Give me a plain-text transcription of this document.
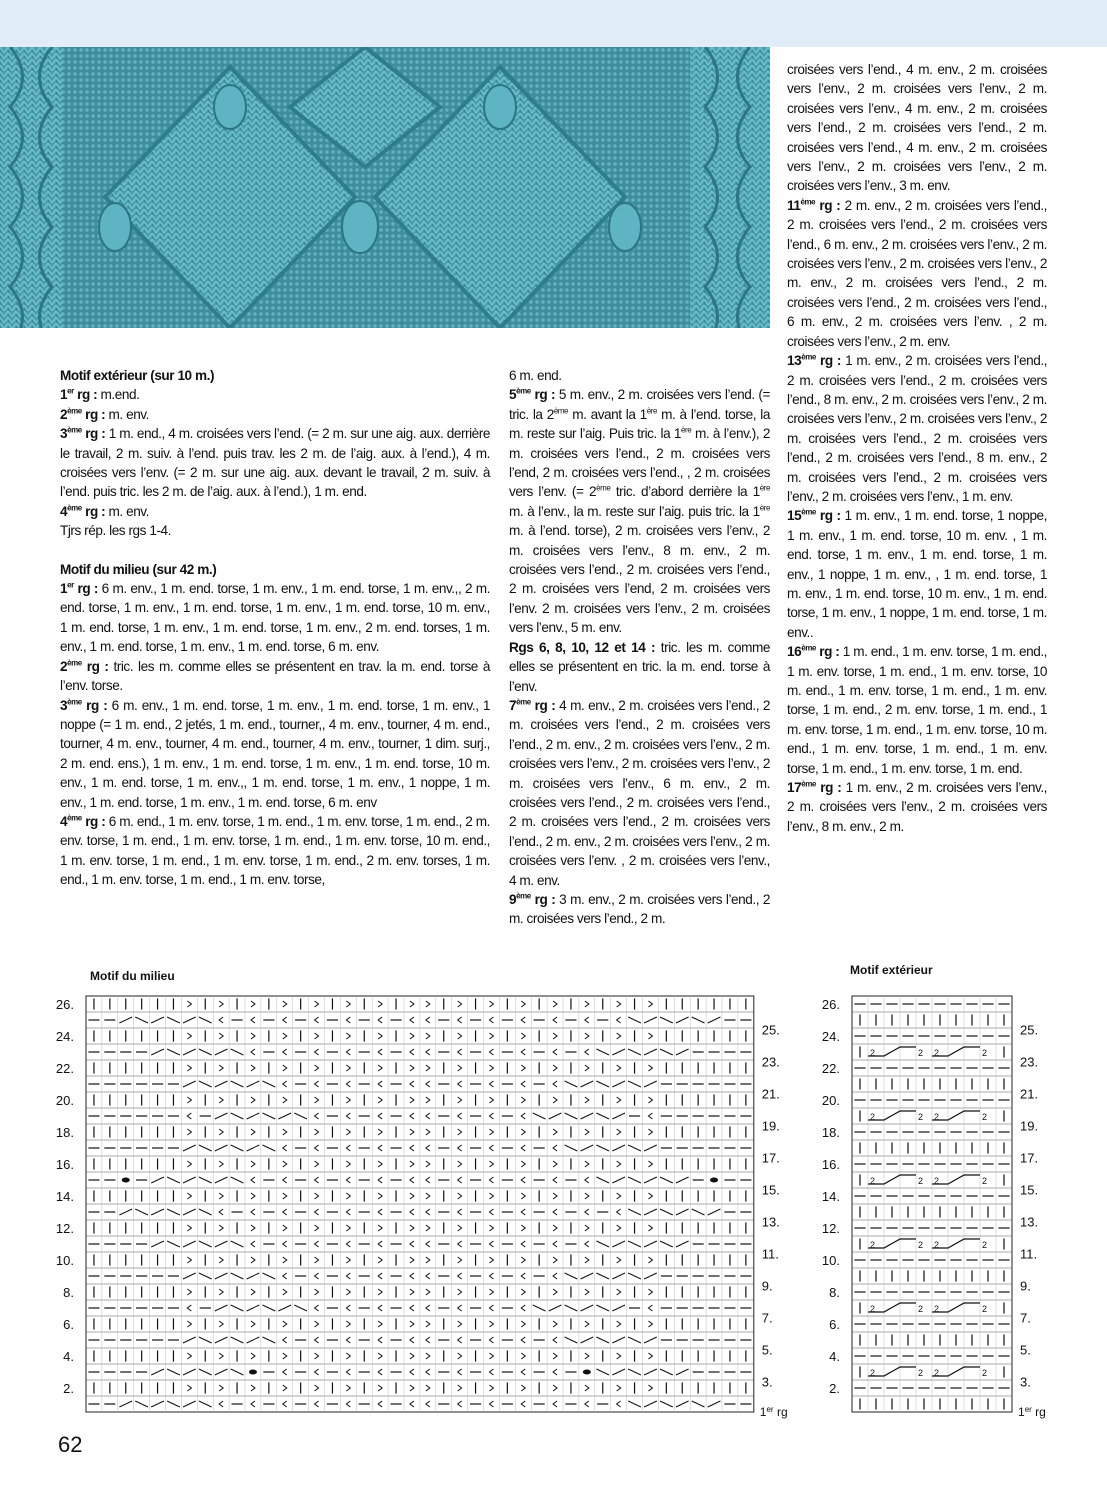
Motif extérieur (sur 10 m.)

1er rg : m.end.

2ème rg : m. env.

3ème rg : 1 m. end., 4 m. croisées vers l’end. (= 2 m. sur une aig. aux. derrière le travail, 2 m. suiv. à l’end. puis trav. les 2 m. de l’aig. aux. à l’end.), 4 m. croisées vers l’env. (= 2 m. sur une aig. aux. devant le travail, 2 m. suiv. à l’end. puis tric. les 2 m. de l’aig. aux. à l’end.), 1 m. end.

4ème rg : m. env.

Tjrs rép. les rgs 1-4.

Motif du milieu (sur 42 m.)

1er rg : 6 m. env., 1 m. end. torse, 1 m. env., 1 m. end. torse, 1 m. env.,, 2 m. end. torse, 1 m. env., 1 m. end. torse, 1 m. env., 1 m. end. torse, 10 m. env., 1 m. end. torse, 1 m. env., 1 m. end. torse, 1 m. env., 2 m. end. torses, 1 m. env., 1 m. end. torse, 1 m. env., 1 m. end. torse, 6 m. env.

2ème rg : tric. les m. comme elles se présentent en trav. la m. end. torse à l’env. torse.

3ème rg : 6 m. env., 1 m. end. torse, 1 m. env., 1 m. end. torse, 1 m. env., 1 noppe (= 1 m. end., 2 jetés, 1 m. end., tourner,, 4 m. env., tourner, 4 m. end., tourner, 4 m. env., tourner, 4 m. end., tourner, 4 m. env., tourner, 1 dim. surj., 2 m. end. ens.), 1 m. env., 1 m. end. torse, 1 m. env., 1 m. end. torse, 10 m. env., 1 m. end. torse, 1 m. env.,, 1 m. end. torse, 1 m. env., 1 noppe, 1 m. env., 1 m. end. torse, 1 m. env., 1 m. end. torse, 6 m. env

4ème rg : 6 m. end., 1 m. env. torse, 1 m. end., 1 m. env. torse, 1 m. end., 2 m. env. torse, 1 m. end., 1 m. env. torse, 1 m. end., 1 m. env. torse, 10 m. end., 1 m. env. torse, 1 m. end., 1 m. env. torse, 1 m. end., 2 m. env. torses, 1 m. end., 1 m. env. torse, 1 m. end., 1 m. env. torse,

6 m. end.

5ème rg : 5 m. env., 2 m. croisées vers l’end. (= tric. la 2ème m. avant la 1ère m. à l’end. torse, la m. reste sur l’aig. Puis tric. la 1ère m. à l’env.), 2 m. croisées vers l’end., 2 m. croisées vers l’end, 2 m. croisées vers l’end., , 2 m. croisées vers l’env. (= 2ème tric. d’abord derrière la 1ère m. à l’env., la m. reste sur l’aig. puis tric. la 1ère m. à l’end. torse), 2 m. croisées vers l’env., 2 m. croisées vers l’env., 8 m. env., 2 m. croisées vers l’end., 2 m. croisées vers l’end., 2 m. croisées vers l’end, 2 m. croisées vers l’env. 2 m. croisées vers l’env., 2 m. croisées vers l’env., 5 m. env.

Rgs 6, 8, 10, 12 et 14 : tric. les m. comme elles se présentent en tric. la m. end. torse à l’env.

7ème rg : 4 m. env., 2 m. croisées vers l’end., 2 m. croisées vers l’end., 2 m. croisées vers l’end., 2 m. env., 2 m. croisées vers l’env., 2 m. croisées vers l’env., 2 m. croisées vers l’env., 2 m. croisées vers l’env., 6 m. env., 2 m. croisées vers l’end., 2 m. croisées vers l’end., 2 m. croisées vers l’end., 2 m. croisées vers l’end., 2 m. env., 2 m. croisées vers l’env., 2 m. croisées vers l’env. , 2 m. croisées vers l’env., 4 m. env.

9ème rg : 3 m. env., 2 m. croisées vers l’end., 2 m. croisées vers l’end., 2 m.

croisées vers l’end., 4 m. env., 2 m. croisées vers l’env., 2 m. croisées vers l’env., 2 m. croisées vers l’env., 4 m. env., 2 m. croisées vers l’end., 2 m. croisées vers l’end., 2 m. croisées vers l’end., 4 m. env., 2 m. croisées vers l’env., 2 m. croisées vers l’env., 2 m. croisées vers l’env., 3 m. env.

11ème rg : 2 m. env., 2 m. croisées vers l’end., 2 m. croisées vers l’end., 2 m. croisées vers l’end., 6 m. env., 2 m. croisées vers l’env., 2 m. croisées vers l’env., 2 m. croisées vers l’env., 2 m. env., 2 m. croisées vers l’end., 2 m. croisées vers l’end., 2 m. croisées vers l’end., 6 m. env., 2 m. croisées vers l’env. , 2 m. croisées vers l’env., 2 m. env.

13ème rg : 1 m. env., 2 m. croisées vers l’end., 2 m. croisées vers l’end., 2 m. croisées vers l’end., 8 m. env., 2 m. croisées vers l’env., 2 m. croisées vers l’env., 2 m. croisées vers l’env., 2 m. croisées vers l’end., 2 m. croisées vers l’end., 2 m. croisées vers l’end., 8 m. env., 2 m. croisées vers l’end., 2 m. croisées vers l’env., 2 m. croisées vers l’env., 1 m. env.

15ème rg : 1 m. env., 1 m. end. torse, 1 noppe, 1 m. env., 1 m. end. torse, 10 m. env. , 1 m. end. torse, 1 m. env., 1 m. end. torse, 1 m. env., 1 noppe, 1 m. env., , 1 m. end. torse, 1 m. env., 1 m. end. torse, 10 m. env., 1 m. end. torse, 1 m. env., 1 noppe, 1 m. end. torse, 1 m. env..

16ème rg : 1 m. end., 1 m. env. torse, 1 m. end., 1 m. env. torse, 1 m. end., 1 m. env. torse, 10 m. end., 1 m. env. torse, 1 m. end., 1 m. env. torse, 1 m. end., 2 m. env. torse, 1 m. end., 1 m. env. torse, 1 m. end., 1 m. env. torse, 10 m. end., 1 m. env. torse, 1 m. end., 1 m. env. torse, 1 m. end., 1 m. env. torse, 1 m. end.

17ème rg : 1 m. env., 2 m. croisées vers l’env., 2 m. croisées vers l’env., 2 m. croisées vers l’env., 8 m. env., 2 m.

Motif du milieu	Motif extérieur
26.
24.
22.
20.
18.
16.
14.
12.
10.
8.
6.
4.
2.
25.
23.
21.
19.
17.
15.
13.
11.
9.
7.
5.
3.
1er rg
26.
24.
22.
20.
18.
16.
14.
12.
10.
8.
6.
4.
2.
25.
23.
21.
19.
17.
15.
13.
11.
9.
7.
5.
3.
1er rg
2	2 2	2
2	2 2	2
2	2 2	2
2	2 2	2
2	2 2	2
2	2 2	2
62
